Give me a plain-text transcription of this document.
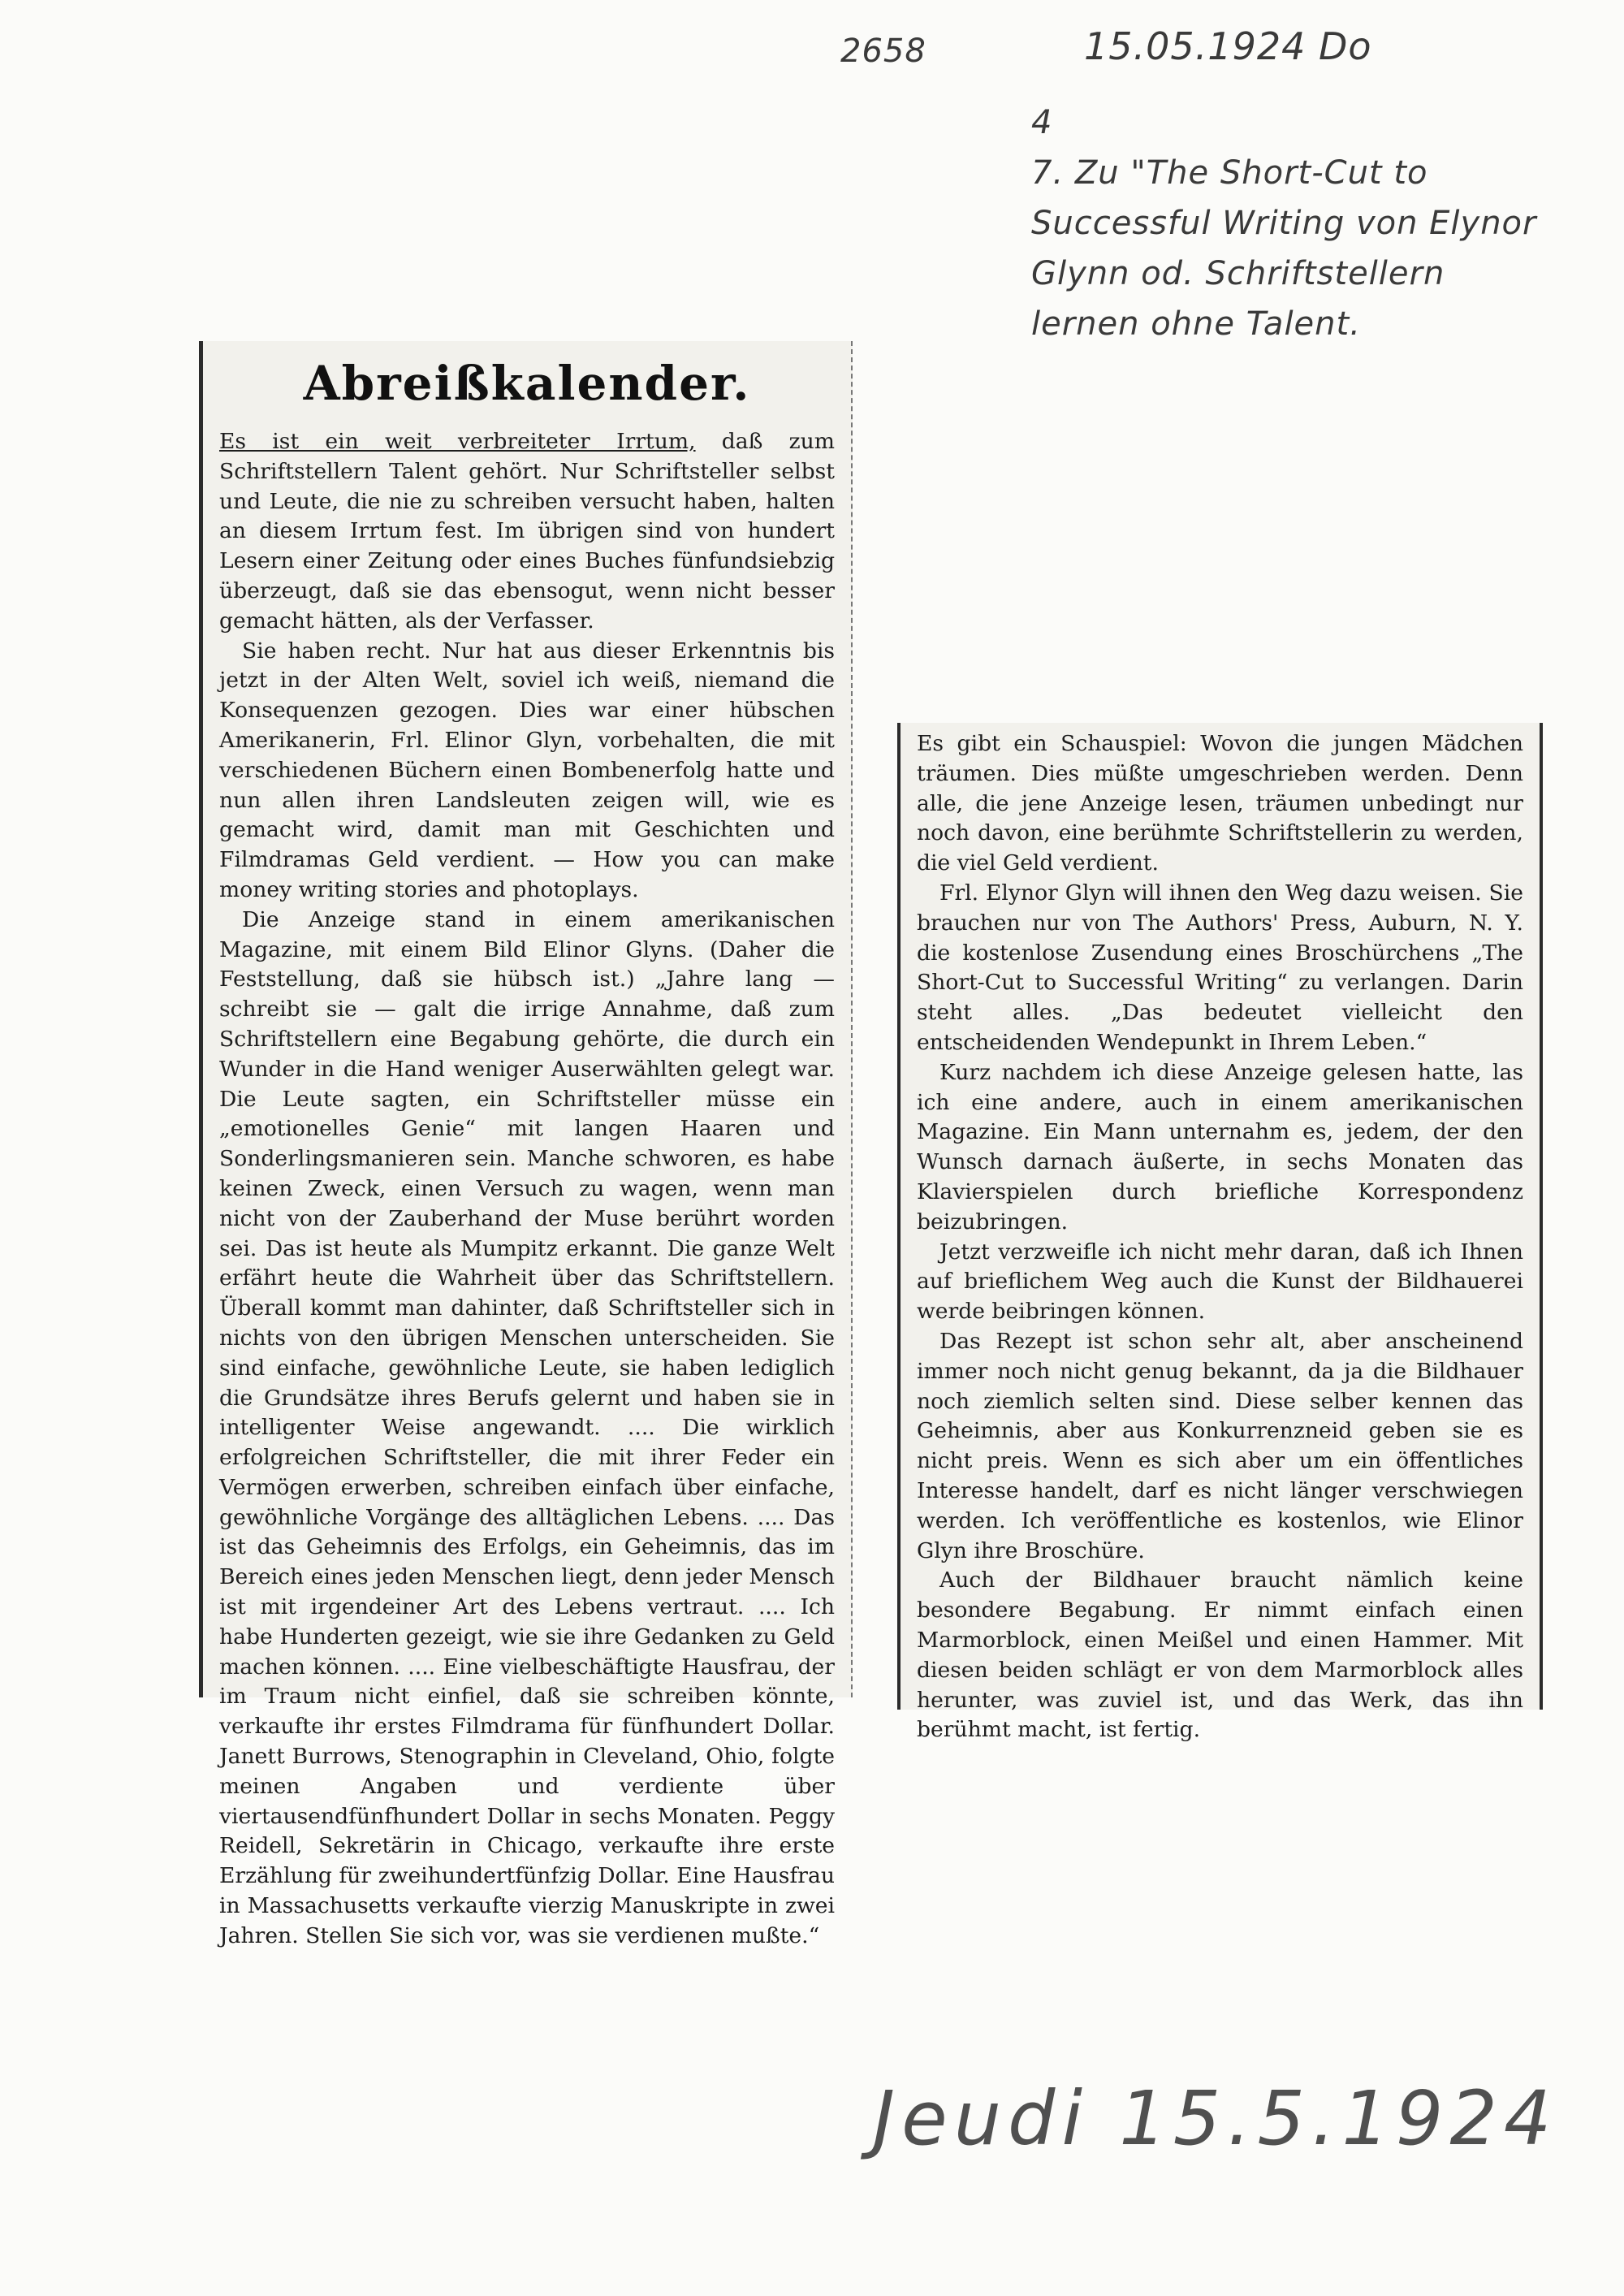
2658	15.05.1924 Do
4
7. Zu "The Short-Cut to
Successful Writing von Elynor
Glynn od. Schriftstellern
lernen ohne Talent.
Abreißkalender.

Es ist ein weit verbreiteter Irrtum, daß zum Schriftstellern Talent gehört. Nur Schriftsteller selbst und Leute, die nie zu schreiben versucht haben, halten an diesem Irrtum fest. Im übrigen sind von hundert Lesern einer Zeitung oder eines Buches fünfundsiebzig überzeugt, daß sie das ebensogut, wenn nicht besser gemacht hätten, als der Verfasser.

Sie haben recht. Nur hat aus dieser Erkenntnis bis jetzt in der Alten Welt, soviel ich weiß, niemand die Konsequenzen gezogen. Dies war einer hübschen Amerikanerin, Frl. Elinor Glyn, vorbehalten, die mit verschiedenen Büchern einen Bombenerfolg hatte und nun allen ihren Landsleuten zeigen will, wie es gemacht wird, damit man mit Geschichten und Filmdramas Geld verdient. — How you can make money writing stories and photoplays.

Die Anzeige stand in einem amerikanischen Magazine, mit einem Bild Elinor Glyns. (Daher die Feststellung, daß sie hübsch ist.) „Jahre lang — schreibt sie — galt die irrige Annahme, daß zum Schriftstellern eine Begabung gehörte, die durch ein Wunder in die Hand weniger Auserwählten gelegt war. Die Leute sagten, ein Schriftsteller müsse ein „emotionelles Genie“ mit langen Haaren und Sonderlingsmanieren sein. Manche schworen, es habe keinen Zweck, einen Versuch zu wagen, wenn man nicht von der Zauberhand der Muse berührt worden sei. Das ist heute als Mumpitz erkannt. Die ganze Welt erfährt heute die Wahrheit über das Schriftstellern. Überall kommt man dahinter, daß Schriftsteller sich in nichts von den übrigen Menschen unterscheiden. Sie sind einfache, gewöhnliche Leute, sie haben lediglich die Grundsätze ihres Berufs gelernt und haben sie in intelligenter Weise angewandt. .... Die wirklich erfolgreichen Schriftsteller, die mit ihrer Feder ein Vermögen erwerben, schreiben einfach über einfache, gewöhnliche Vorgänge des alltäglichen Lebens. .... Das ist das Geheimnis des Erfolgs, ein Geheimnis, das im Bereich eines jeden Menschen liegt, denn jeder Mensch ist mit irgendeiner Art des Lebens vertraut. .... Ich habe Hunderten gezeigt, wie sie ihre Gedanken zu Geld machen können. .... Eine vielbeschäftigte Hausfrau, der im Traum nicht einfiel, daß sie schreiben könnte, verkaufte ihr erstes Filmdrama für fünfhundert Dollar. Janett Burrows, Stenographin in Cleveland, Ohio, folgte meinen Angaben und verdiente über viertausendfünfhundert Dollar in sechs Monaten. Peggy Reidell, Sekretärin in Chicago, verkaufte ihre erste Erzählung für zweihundertfünfzig Dollar. Eine Hausfrau in Massachusetts verkaufte vierzig Manuskripte in zwei Jahren. Stellen Sie sich vor, was sie verdienen mußte.“

Es gibt ein Schauspiel: Wovon die jungen Mädchen träumen. Dies müßte umgeschrieben werden. Denn alle, die jene Anzeige lesen, träumen unbedingt nur noch davon, eine berühmte Schriftstellerin zu werden, die viel Geld verdient.

Frl. Elynor Glyn will ihnen den Weg dazu weisen. Sie brauchen nur von The Authors' Press, Auburn, N. Y. die kostenlose Zusendung eines Broschürchens „The Short-Cut to Successful Writing“ zu verlangen. Darin steht alles. „Das bedeutet vielleicht den entscheidenden Wendepunkt in Ihrem Leben.“

Kurz nachdem ich diese Anzeige gelesen hatte, las ich eine andere, auch in einem amerikanischen Magazine. Ein Mann unternahm es, jedem, der den Wunsch darnach äußerte, in sechs Monaten das Klavierspielen durch briefliche Korrespondenz beizubringen.

Jetzt verzweifle ich nicht mehr daran, daß ich Ihnen auf brieflichem Weg auch die Kunst der Bildhauerei werde beibringen können.

Das Rezept ist schon sehr alt, aber anscheinend immer noch nicht genug bekannt, da ja die Bildhauer noch ziemlich selten sind. Diese selber kennen das Geheimnis, aber aus Konkurrenzneid geben sie es nicht preis. Wenn es sich aber um ein öffentliches Interesse handelt, darf es nicht länger verschwiegen werden. Ich veröffentliche es kostenlos, wie Elinor Glyn ihre Broschüre.

Auch der Bildhauer braucht nämlich keine besondere Begabung. Er nimmt einfach einen Marmorblock, einen Meißel und einen Hammer. Mit diesen beiden schlägt er von dem Marmorblock alles herunter, was zuviel ist, und das Werk, das ihn berühmt macht, ist fertig.

Jeudi 15.5.1924
